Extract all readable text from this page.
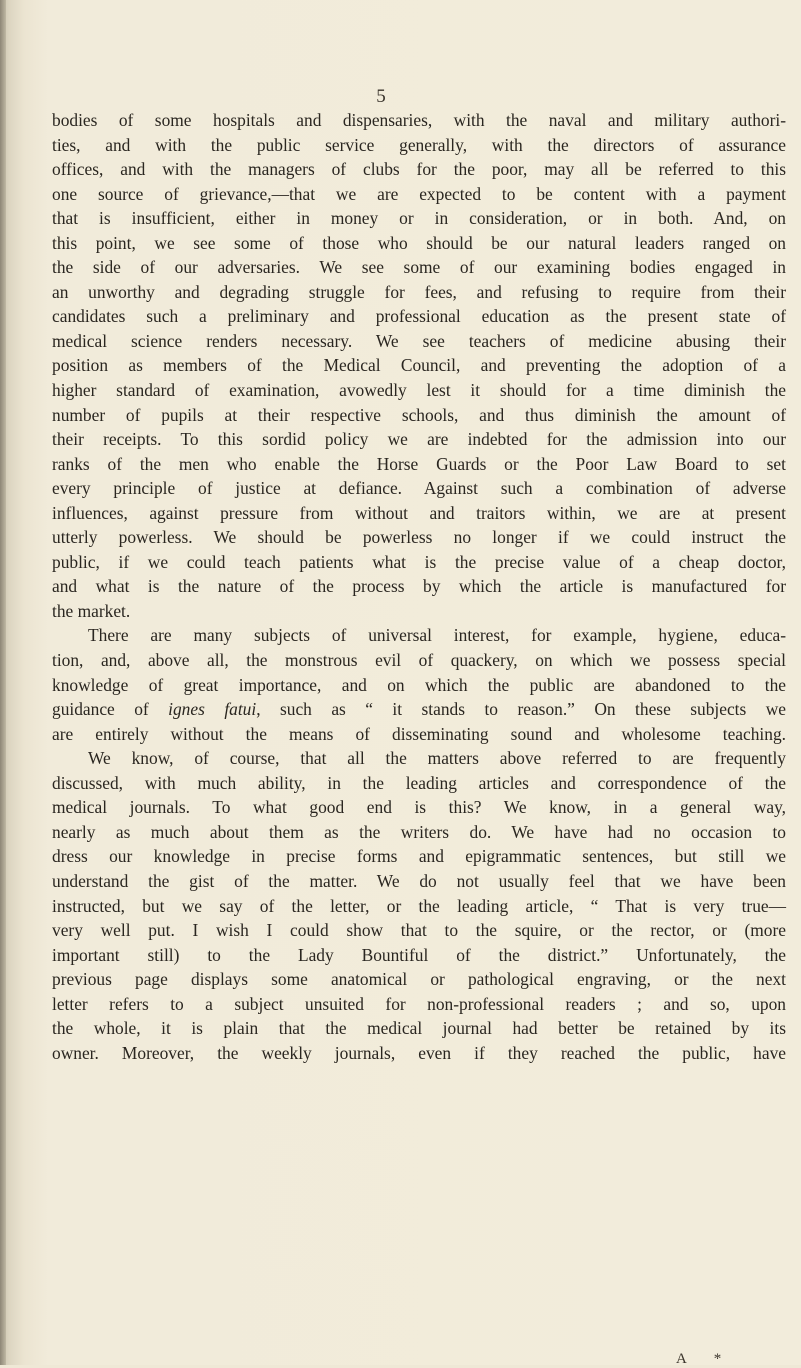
5
bodies of some hospitals and dispensaries, with the naval and military authori-
ties, and with the public service generally, with the directors of assurance
offices, and with the managers of clubs for the poor, may all be referred to this
one source of grievance,—that we are expected to be content with a payment
that is insufficient, either in money or in consideration, or in both. And, on
this point, we see some of those who should be our natural leaders ranged on
the side of our adversaries. We see some of our examining bodies engaged in
an unworthy and degrading struggle for fees, and refusing to require from their
candidates such a preliminary and professional education as the present state of
medical science renders necessary. We see teachers of medicine abusing their
position as members of the Medical Council, and preventing the adoption of a
higher standard of examination, avowedly lest it should for a time diminish the
number of pupils at their respective schools, and thus diminish the amount of
their receipts. To this sordid policy we are indebted for the admission into our
ranks of the men who enable the Horse Guards or the Poor Law Board to set
every principle of justice at defiance. Against such a combination of adverse
influences, against pressure from without and traitors within, we are at present
utterly powerless. We should be powerless no longer if we could instruct the
public, if we could teach patients what is the precise value of a cheap doctor,
and what is the nature of the process by which the article is manufactured for
the market.
There are many subjects of universal interest, for example, hygiene, educa-
tion, and, above all, the monstrous evil of quackery, on which we possess special
knowledge of great importance, and on which the public are abandoned to the
guidance of ignes fatui, such as “ it stands to reason.” On these subjects we
are entirely without the means of disseminating sound and wholesome teaching.
We know, of course, that all the matters above referred to are frequently
discussed, with much ability, in the leading articles and correspondence of the
medical journals. To what good end is this? We know, in a general way,
nearly as much about them as the writers do. We have had no occasion to
dress our knowledge in precise forms and epigrammatic sentences, but still we
understand the gist of the matter. We do not usually feel that we have been
instructed, but we say of the letter, or the leading article, “ That is very true—
very well put. I wish I could show that to the squire, or the rector, or (more
important still) to the Lady Bountiful of the district.” Unfortunately, the
previous page displays some anatomical or pathological engraving, or the next
letter refers to a subject unsuited for non-professional readers ; and so, upon
the whole, it is plain that the medical journal had better be retained by its
owner. Moreover, the weekly journals, even if they reached the public, have
A *
